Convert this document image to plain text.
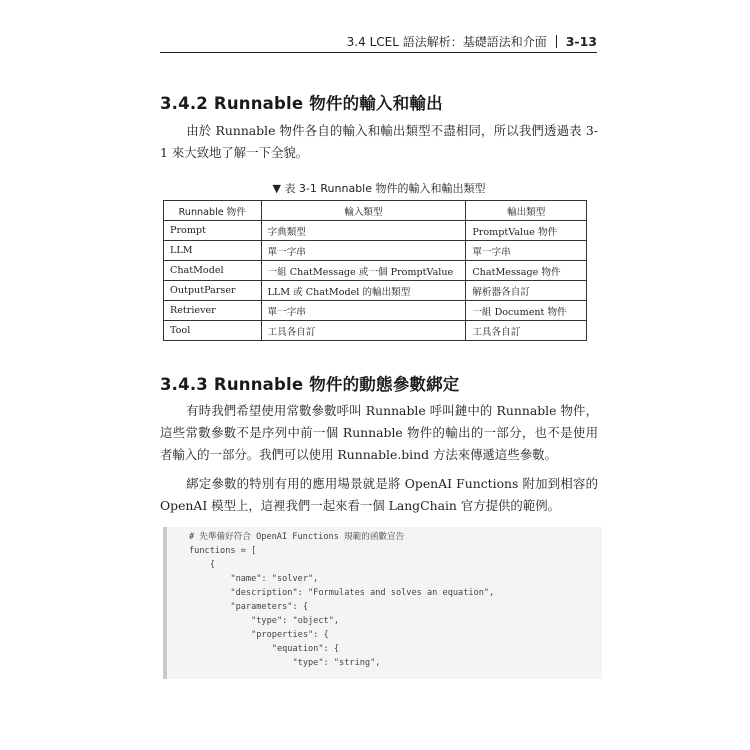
3.4 LCEL 語法解析：基礎語法和介面 3-13
3.4.2 Runnable 物件的輸入和輸出

由於 Runnable 物件各自的輸入和輸出類型不盡相同，所以我們透過表 3-1 來大致地了解一下全貌。

▼ 表 3-1 Runnable 物件的輸入和輸出類型
Runnable 物件	輸入類型	輸出類型
Prompt	字典類型	PromptValue 物件
LLM	單一字串	單一字串
ChatModel	一組 ChatMessage 或一個 PromptValue	ChatMessage 物件
OutputParser	LLM 或 ChatModel 的輸出類型	解析器各自訂
Retriever	單一字串	一組 Document 物件
Tool	工具各自訂	工具各自訂
3.4.3 Runnable 物件的動態參數綁定

有時我們希望使用常數參數呼叫 Runnable 呼叫鏈中的 Runnable 物件，這些常數參數不是序列中前一個 Runnable 物件的輸出的一部分，也不是使用者輸入的一部分。我們可以使用 Runnable.bind 方法來傳遞這些參數。

綁定參數的特別有用的應用場景就是將 OpenAI Functions 附加到相容的 OpenAI 模型上，這裡我們一起來看一個 LangChain 官方提供的範例。

# 先準備好符合 OpenAI Functions 規範的函數宣告
functions = [
{
"name": "solver",
"description": "Formulates and solves an equation",
"parameters": {
"type": "object",
"properties": {
"equation": {
"type": "string",
